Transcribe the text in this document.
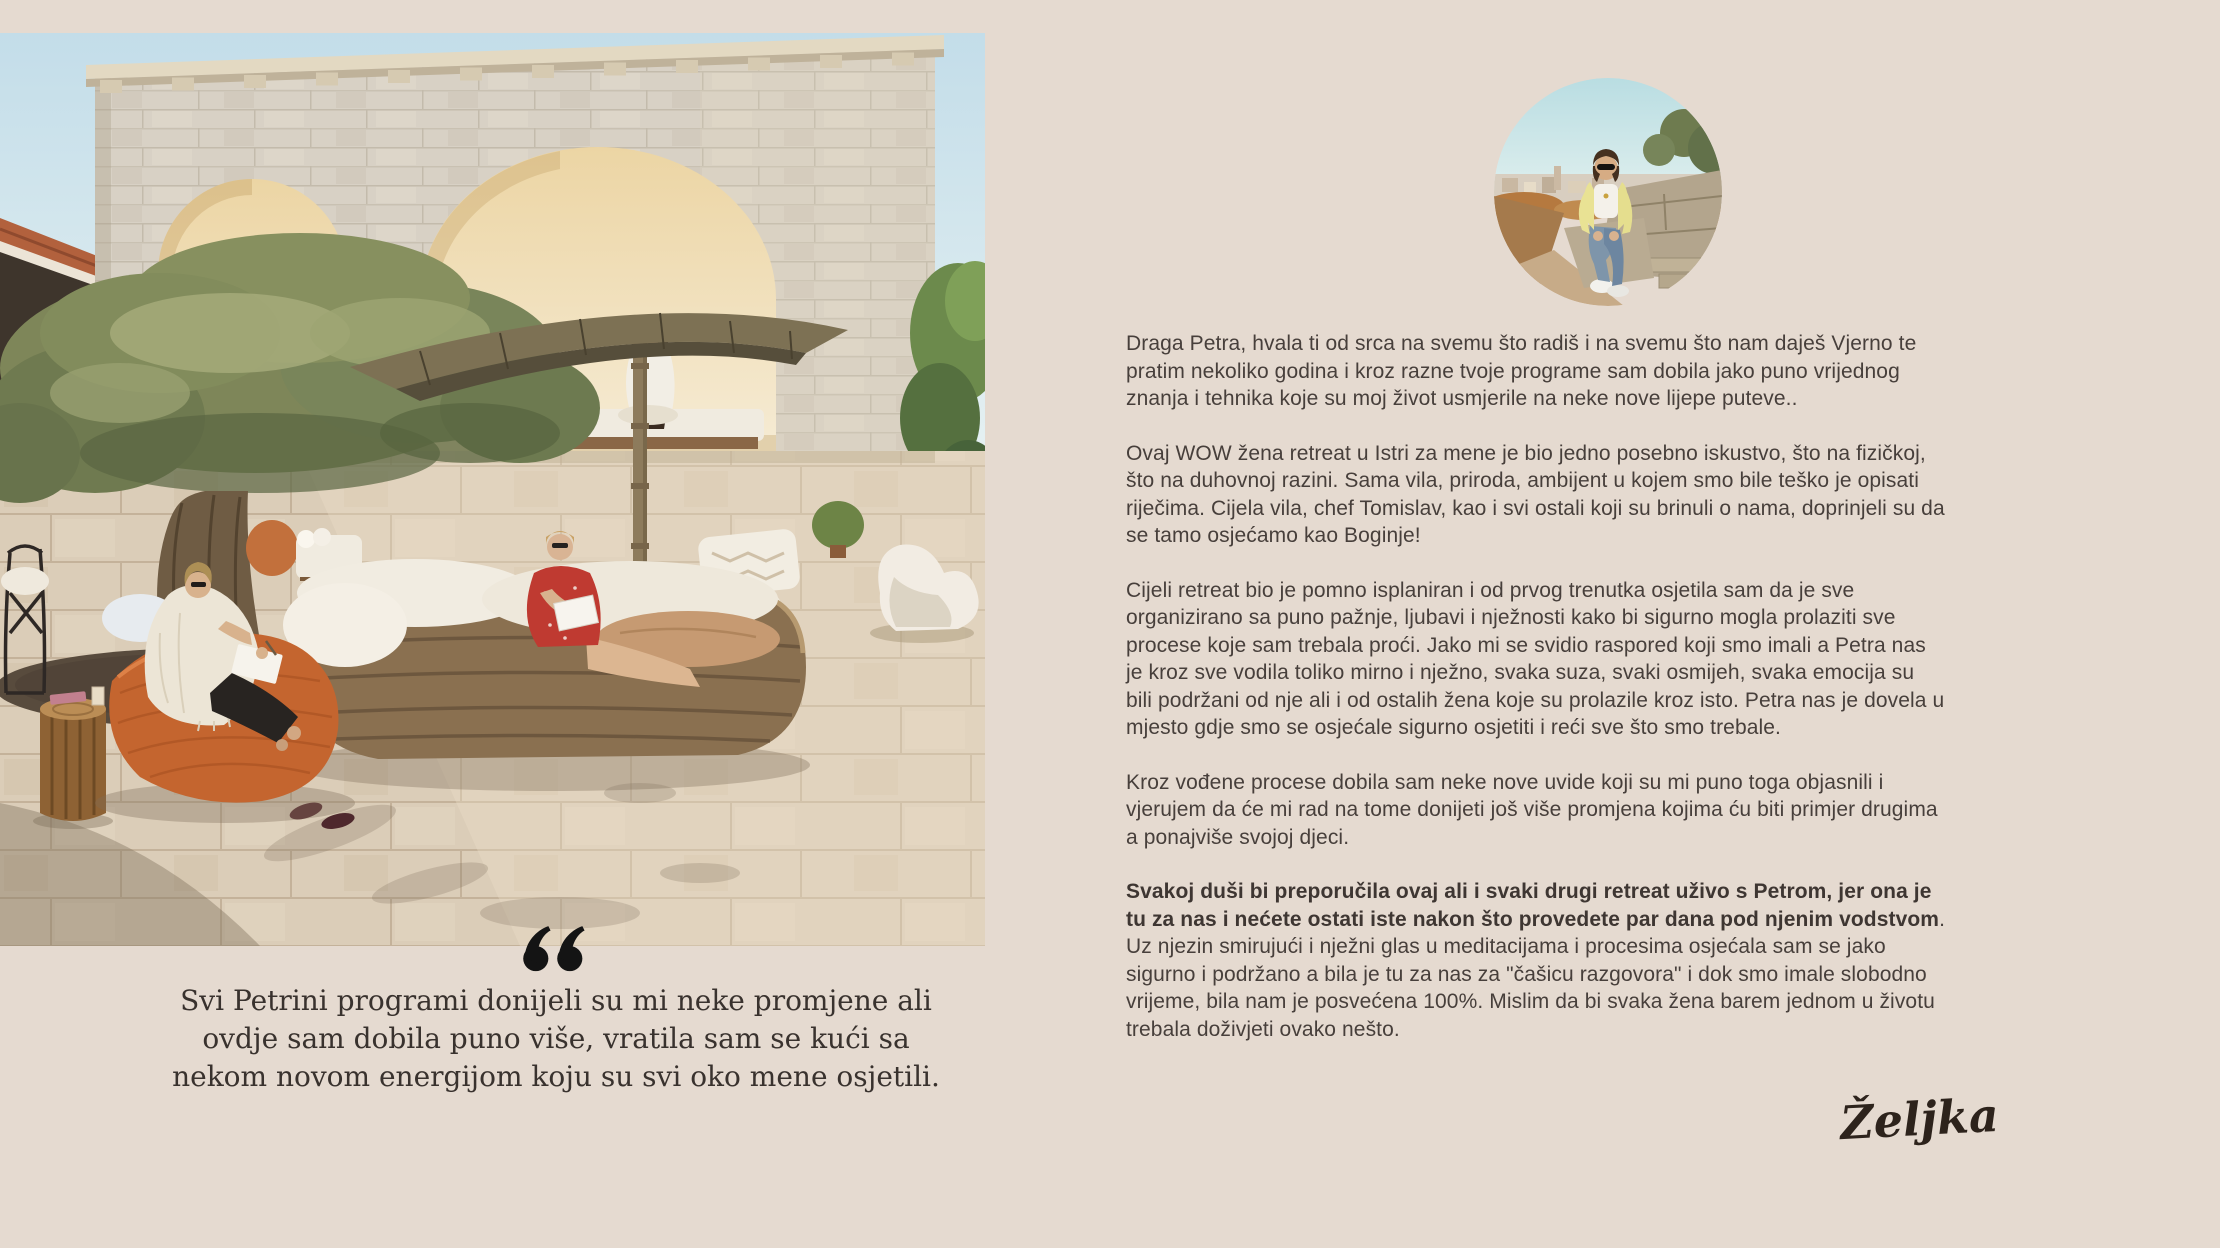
Svi Petrini programi donijeli su mi neke promjene ali ovdje sam dobila puno više, vratila sam se kući sa nekom novom energijom koju su svi oko mene osjetili.

Draga Petra, hvala ti od srca na svemu što radiš i na svemu što nam daješ Vjerno te pratim nekoliko godina i kroz razne tvoje programe sam dobila jako puno vrijednog znanja i tehnika koje su moj život usmjerile na neke nove lijepe puteve..

Ovaj WOW žena retreat u Istri za mene je bio jedno posebno iskustvo, što na fizičkoj, što na duhovnoj razini. Sama vila, priroda, ambijent u kojem smo bile teško je opisati riječima. Cijela vila, chef Tomislav, kao i svi ostali koji su brinuli o nama, doprinjeli su da se tamo osjećamo kao Boginje!

Cijeli retreat bio je pomno isplaniran i od prvog trenutka osjetila sam da je sve organizirano sa puno pažnje, ljubavi i nježnosti kako bi sigurno mogla prolaziti sve procese koje sam trebala proći. Jako mi se svidio raspored koji smo imali a Petra nas je kroz sve vodila toliko mirno i nježno, svaka suza, svaki osmijeh, svaka emocija su bili podržani od nje ali i od ostalih žena koje su prolazile kroz isto. Petra nas je dovela u mjesto gdje smo se osjećale sigurno osjetiti i reći sve što smo trebale.

Kroz vođene procese dobila sam neke nove uvide koji su mi puno toga objasnili i vjerujem da će mi rad na tome donijeti još više promjena kojima ću biti primjer drugima a ponajviše svojoj djeci.

Svakoj duši bi preporučila ovaj ali i svaki drugi retreat uživo s Petrom, jer ona je tu za nas i nećete ostati iste nakon što provedete par dana pod njenim vodstvom. Uz njezin smirujući i nježni glas u meditacijama i procesima osjećala sam se jako sigurno i podržano a bila je tu za nas za "čašicu razgovora" i dok smo imale slobodno vrijeme, bila nam je posvećena 100%. Mislim da bi svaka žena barem jednom u životu trebala doživjeti ovako nešto.

Željka
